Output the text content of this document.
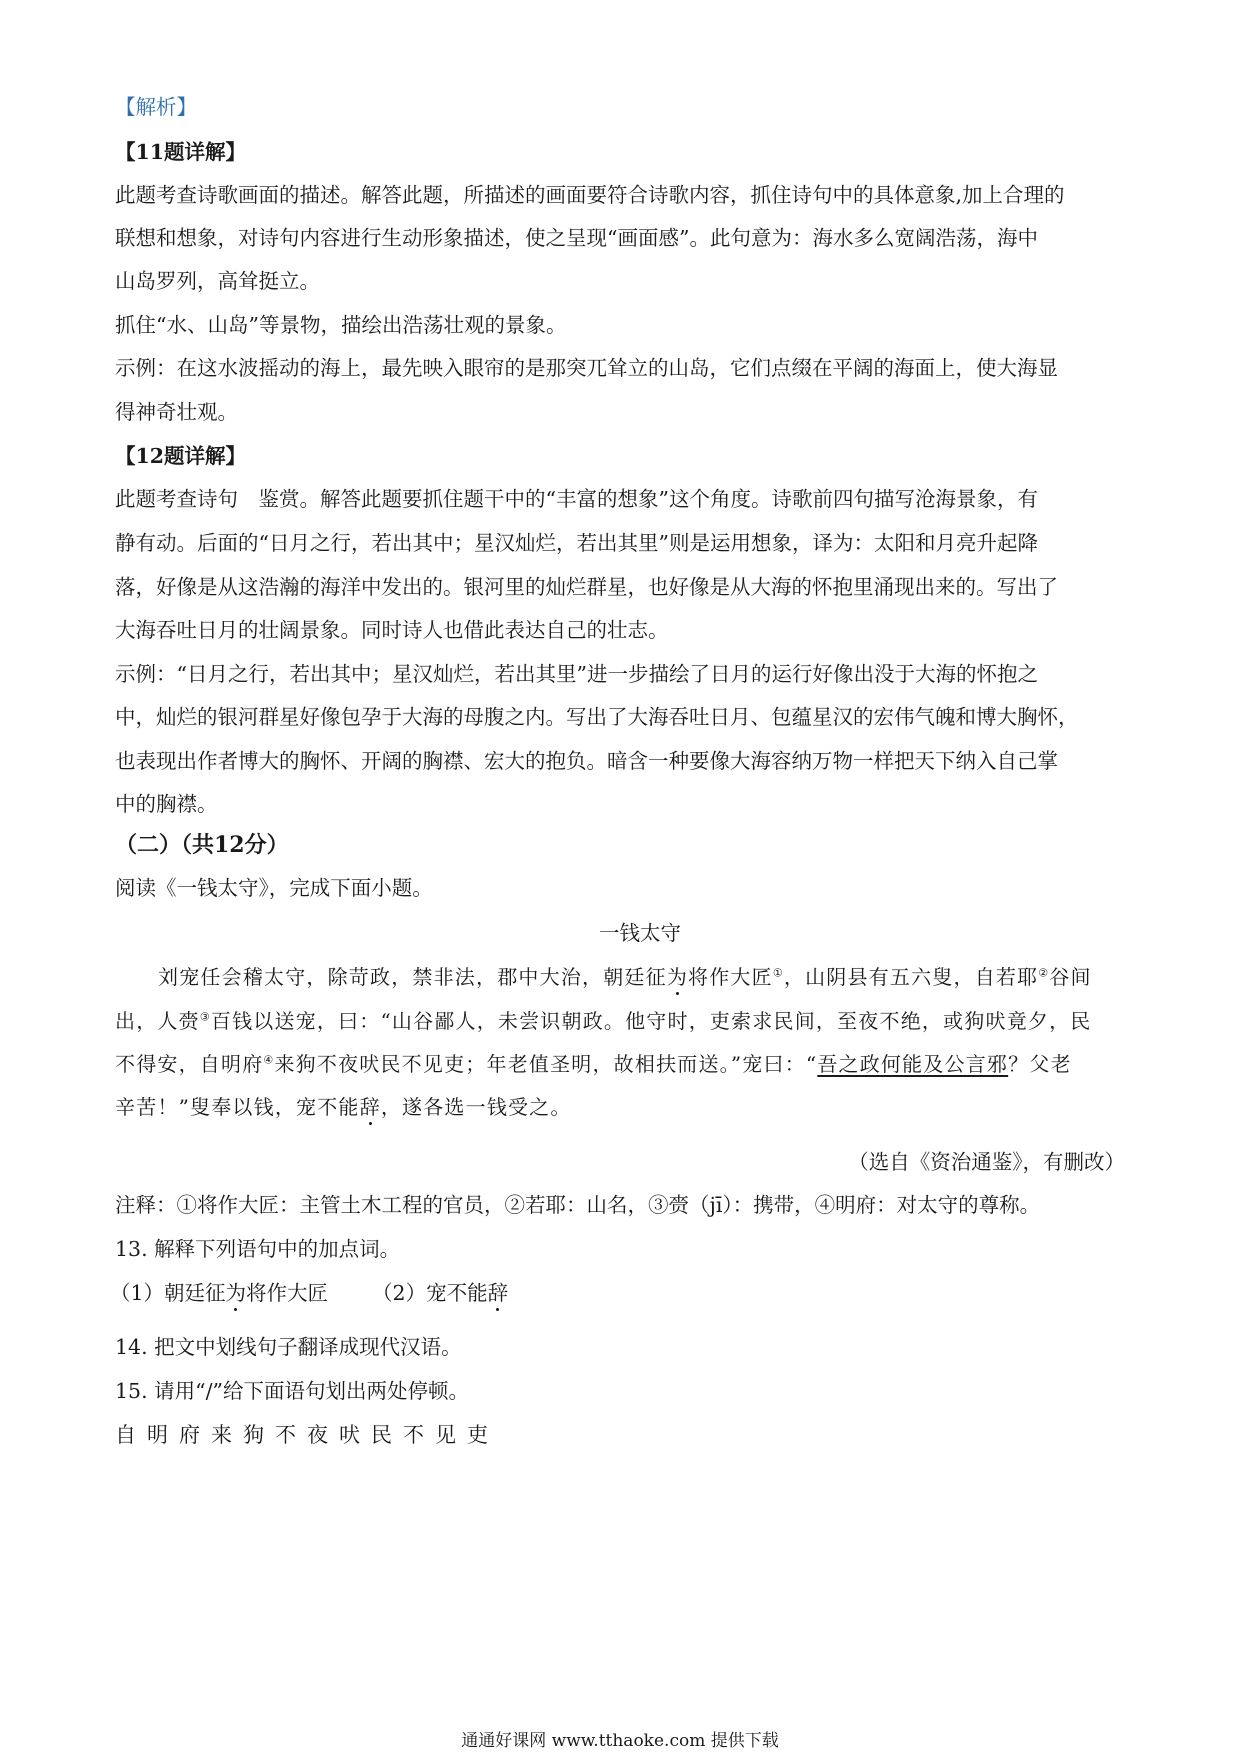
【解析】
【11题详解】
此题考查诗歌画面的描述。解答此题，所描述的画面要符合诗歌内容，抓住诗句中的具体意象,加上合理的
联想和想象，对诗句内容进行生动形象描述，使之呈现“画面感”。此句意为：海水多么宽阔浩荡，海中
山岛罗列，高耸挺立。
抓住“水、山岛”等景物，描绘出浩荡壮观的景象。
示例：在这水波摇动的海上，最先映入眼帘的是那突兀耸立的山岛，它们点缀在平阔的海面上，使大海显
得神奇壮观。
【12题详解】
此题考查诗句　鉴赏。解答此题要抓住题干中的“丰富的想象”这个角度。诗歌前四句描写沧海景象，有
静有动。后面的“日月之行，若出其中；星汉灿烂，若出其里”则是运用想象，译为：太阳和月亮升起降
落，好像是从这浩瀚的海洋中发出的。银河里的灿烂群星，也好像是从大海的怀抱里涌现出来的。写出了
大海吞吐日月的壮阔景象。同时诗人也借此表达自己的壮志。
示例：“日月之行，若出其中；星汉灿烂，若出其里”进一步描绘了日月的运行好像出没于大海的怀抱之
中，灿烂的银河群星好像包孕于大海的母腹之内。写出了大海吞吐日月、包蕴星汉的宏伟气魄和博大胸怀，
也表现出作者博大的胸怀、开阔的胸襟、宏大的抱负。暗含一种要像大海容纳万物一样把天下纳入自己掌
中的胸襟。
（二）（共12分）
阅读《一钱太守》，完成下面小题。
一钱太守
刘宠任会稽太守，除苛政，禁非法，郡中大治，朝廷征为将作大匠①，山阴县有五六叟，自若耶②谷间
出，人赍③百钱以送宠，曰：“山谷鄙人，未尝识朝政。他守时，吏索求民间，至夜不绝，或狗吠竟夕，民
不得安，自明府④来狗不夜吠民不见吏；年老值圣明，故相扶而送。”宠曰：“吾之政何能及公言邪？父老
辛苦！”叟奉以钱，宠不能辞，遂各选一钱受之。
（选自《资治通鉴》，有删改）
注释：①将作大匠：主管土木工程的官员，②若耶：山名，③赍（jī）：携带，④明府：对太守的尊称。
13. 解释下列语句中的加点词。
（1）朝廷征为将作大匠 （2）宠不能辞
14. 把文中划线句子翻译成现代汉语。
15. 请用“/”给下面语句划出两处停顿。
自明府来狗不夜吠民不见吏
通通好课网 www.tthaoke.com 提供下载
